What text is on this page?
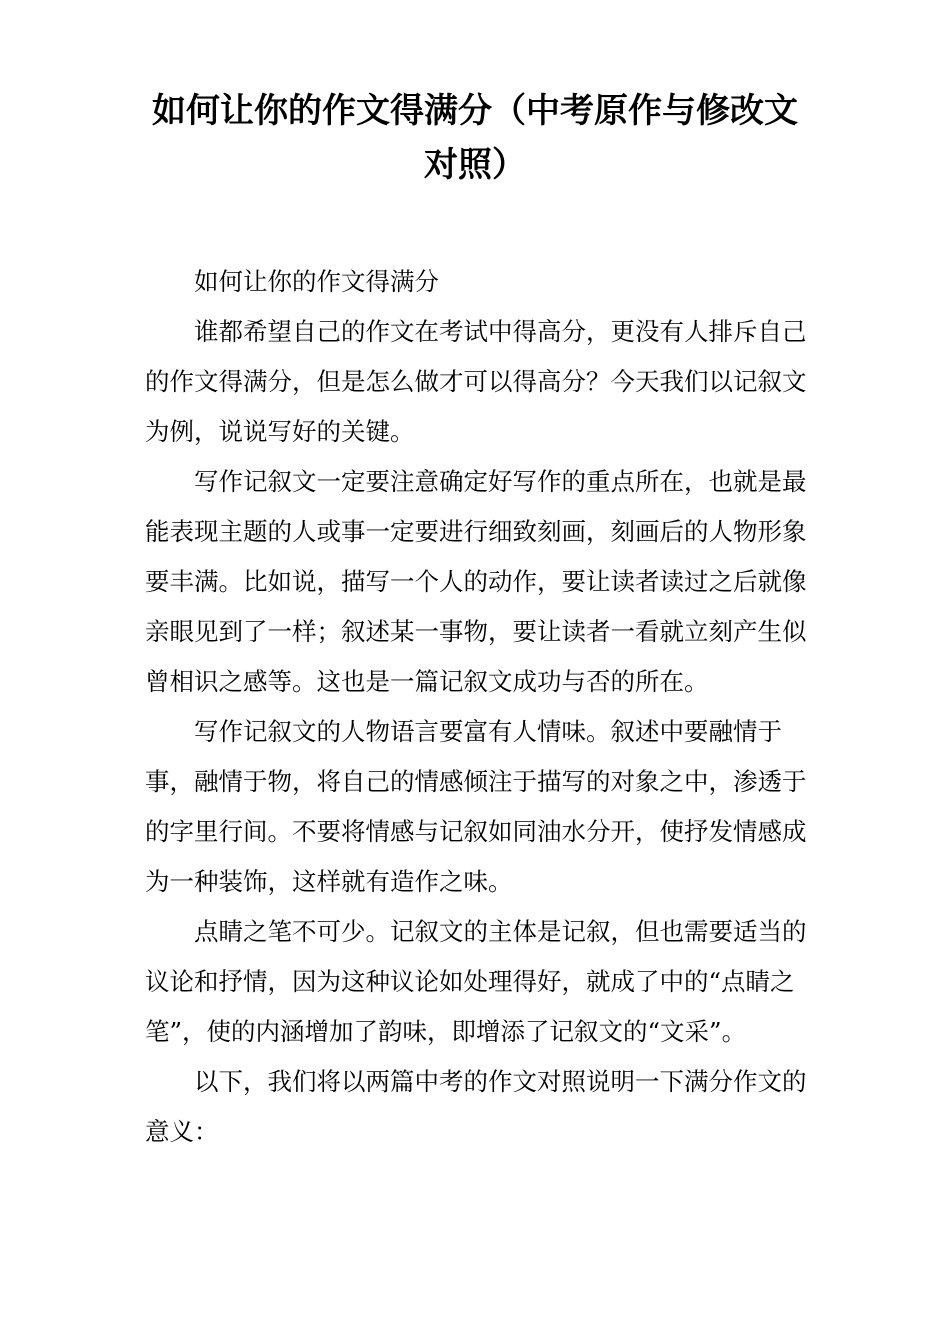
如何让你的作文得满分（中考原作与修改文对照）

如何让你的作文得满分

谁都希望自己的作文在考试中得高分，更没有人排斥自己的作文得满分，但是怎么做才可以得高分？今天我们以记叙文为例，说说写好的关键。

写作记叙文一定要注意确定好写作的重点所在，也就是最能表现主题的人或事一定要进行细致刻画，刻画后的人物形象要丰满。比如说，描写一个人的动作，要让读者读过之后就像亲眼见到了一样；叙述某一事物，要让读者一看就立刻产生似曾相识之感等。这也是一篇记叙文成功与否的所在。

写作记叙文的人物语言要富有人情味。叙述中要融情于事，融情于物，将自己的情感倾注于描写的对象之中，渗透于的字里行间。不要将情感与记叙如同油水分开，使抒发情感成为一种装饰，这样就有造作之味。

点睛之笔不可少。记叙文的主体是记叙，但也需要适当的议论和抒情，因为这种议论如处理得好，就成了中的“点睛之笔”，使的内涵增加了韵味，即增添了记叙文的“文采”。

以下，我们将以两篇中考的作文对照说明一下满分作文的意义：
